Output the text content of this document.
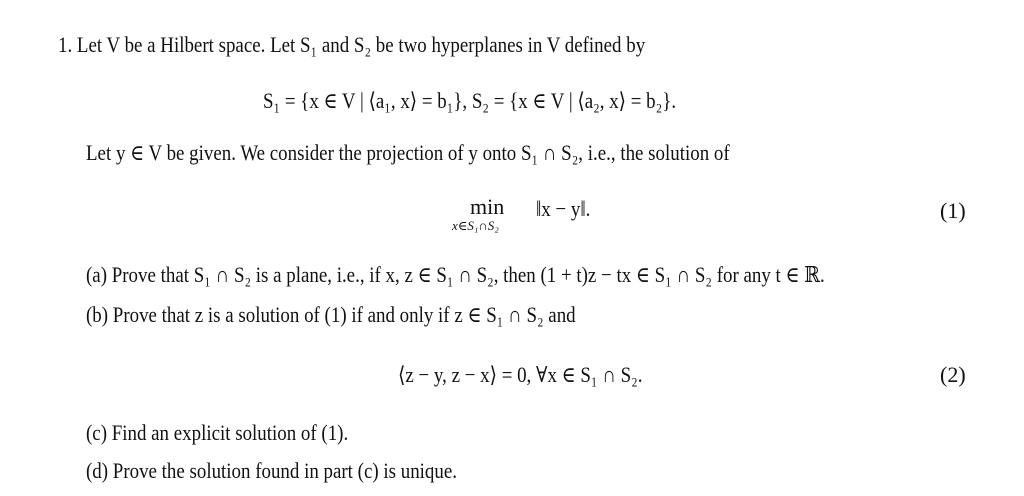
1. Let V be a Hilbert space. Let S₁ and S₂ be two hyperplanes in V defined by
S₁ = {x ∈ V | ⟨a₁, x⟩ = b₁}, S₂ = {x ∈ V | ⟨a₂, x⟩ = b₂}.
Let y ∈ V be given. We consider the projection of y onto S₁ ∩ S₂, i.e., the solution of
min
x∈S₁∩S₂
‖x − y‖.	(1)
(a) Prove that S₁ ∩ S₂ is a plane, i.e., if x, z ∈ S₁ ∩ S₂, then (1 + t)z − tx ∈ S₁ ∩ S₂ for any t ∈ ℝ.
(b) Prove that z is a solution of (1) if and only if z ∈ S₁ ∩ S₂ and
⟨z − y, z − x⟩ = 0, ∀x ∈ S₁ ∩ S₂.	(2)
(c) Find an explicit solution of (1).
(d) Prove the solution found in part (c) is unique.
